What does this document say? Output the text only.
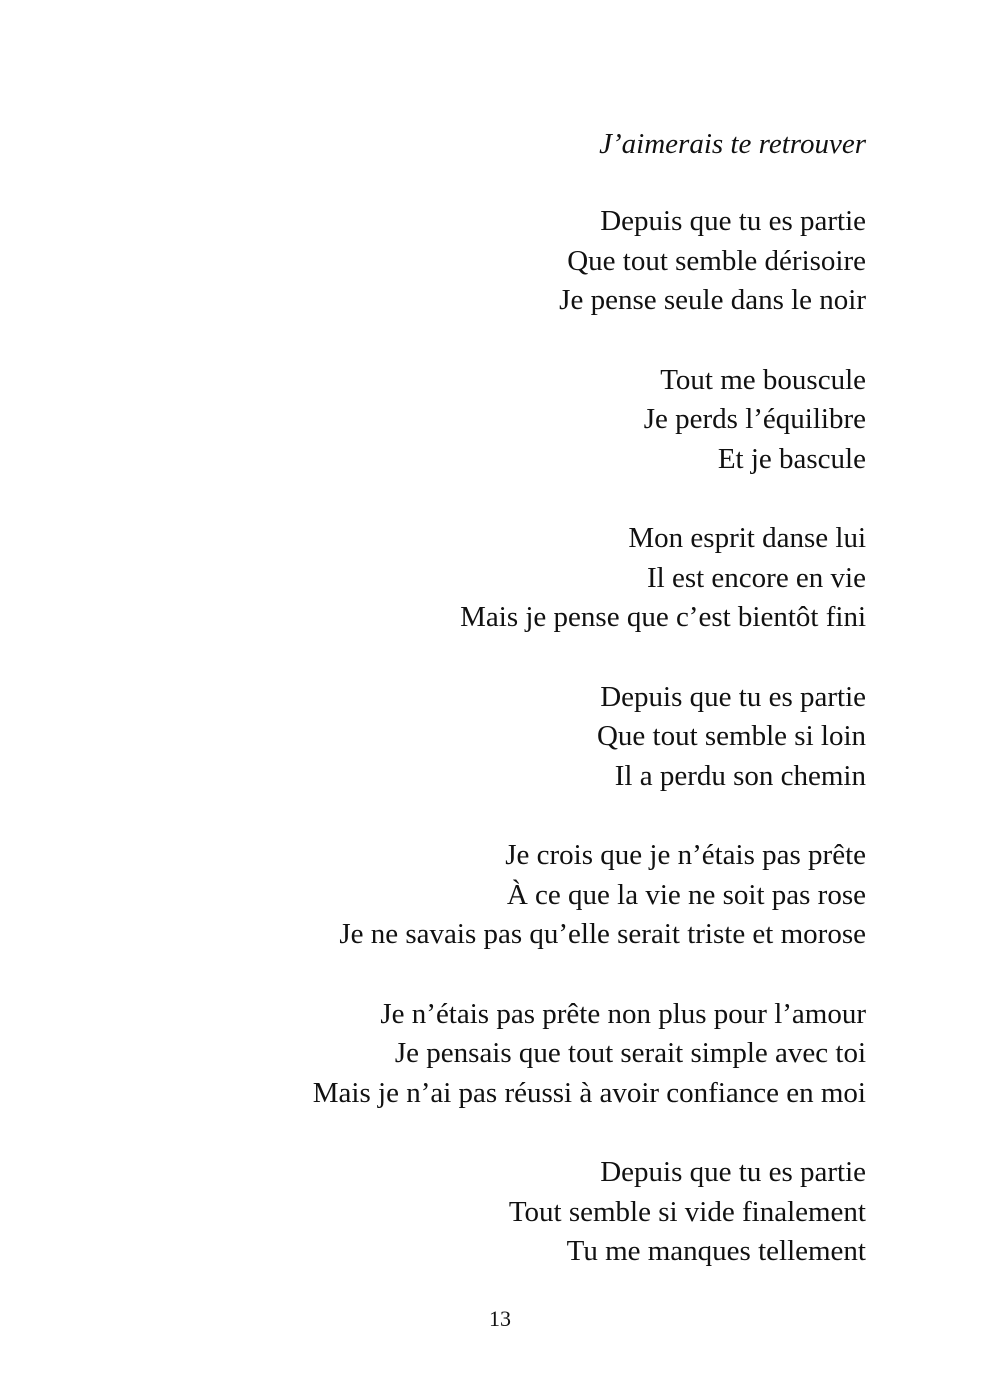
J’aimerais te retrouver
Depuis que tu es partie
Que tout semble dérisoire
Je pense seule dans le noir
Tout me bouscule
Je perds l’équilibre
Et je bascule
Mon esprit danse lui
Il est encore en vie
Mais je pense que c’est bientôt fini
Depuis que tu es partie
Que tout semble si loin
Il a perdu son chemin
Je crois que je n’étais pas prête
À ce que la vie ne soit pas rose
Je ne savais pas qu’elle serait triste et morose
Je n’étais pas prête non plus pour l’amour
Je pensais que tout serait simple avec toi
Mais je n’ai pas réussi à avoir confiance en moi
Depuis que tu es partie
Tout semble si vide finalement
Tu me manques tellement
13
